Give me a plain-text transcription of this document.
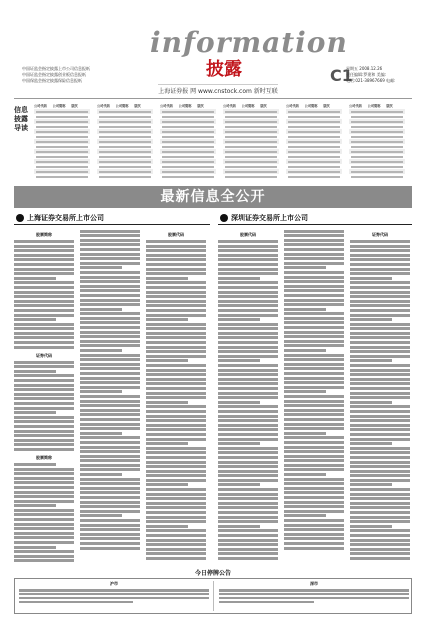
中国证监会指定披露上市公司信息报纸
中国证监会指定披露创业板信息报纸
中国保监会指定披露保险信息报纸
information
披露
上海证券报 网 www.cnstock.com 新时互联
C1
星期五 2008.12.26
责任编辑:罗建和 美编:
电话:021-38967669 电邮:
信息披露导读
公司代码	公司简称	版次	公司代码	公司简称	版次	公司代码	公司简称	版次	公司代码	公司简称	版次	公司代码	公司简称	版次	公司代码	公司简称	版次
最新信息全公开
上海证券交易所上市公司	深圳证券交易所上市公司
股票简称
证券代码
股票简称
股票代码	股票代码	证券代码
今日停牌公告
沪市	深市
